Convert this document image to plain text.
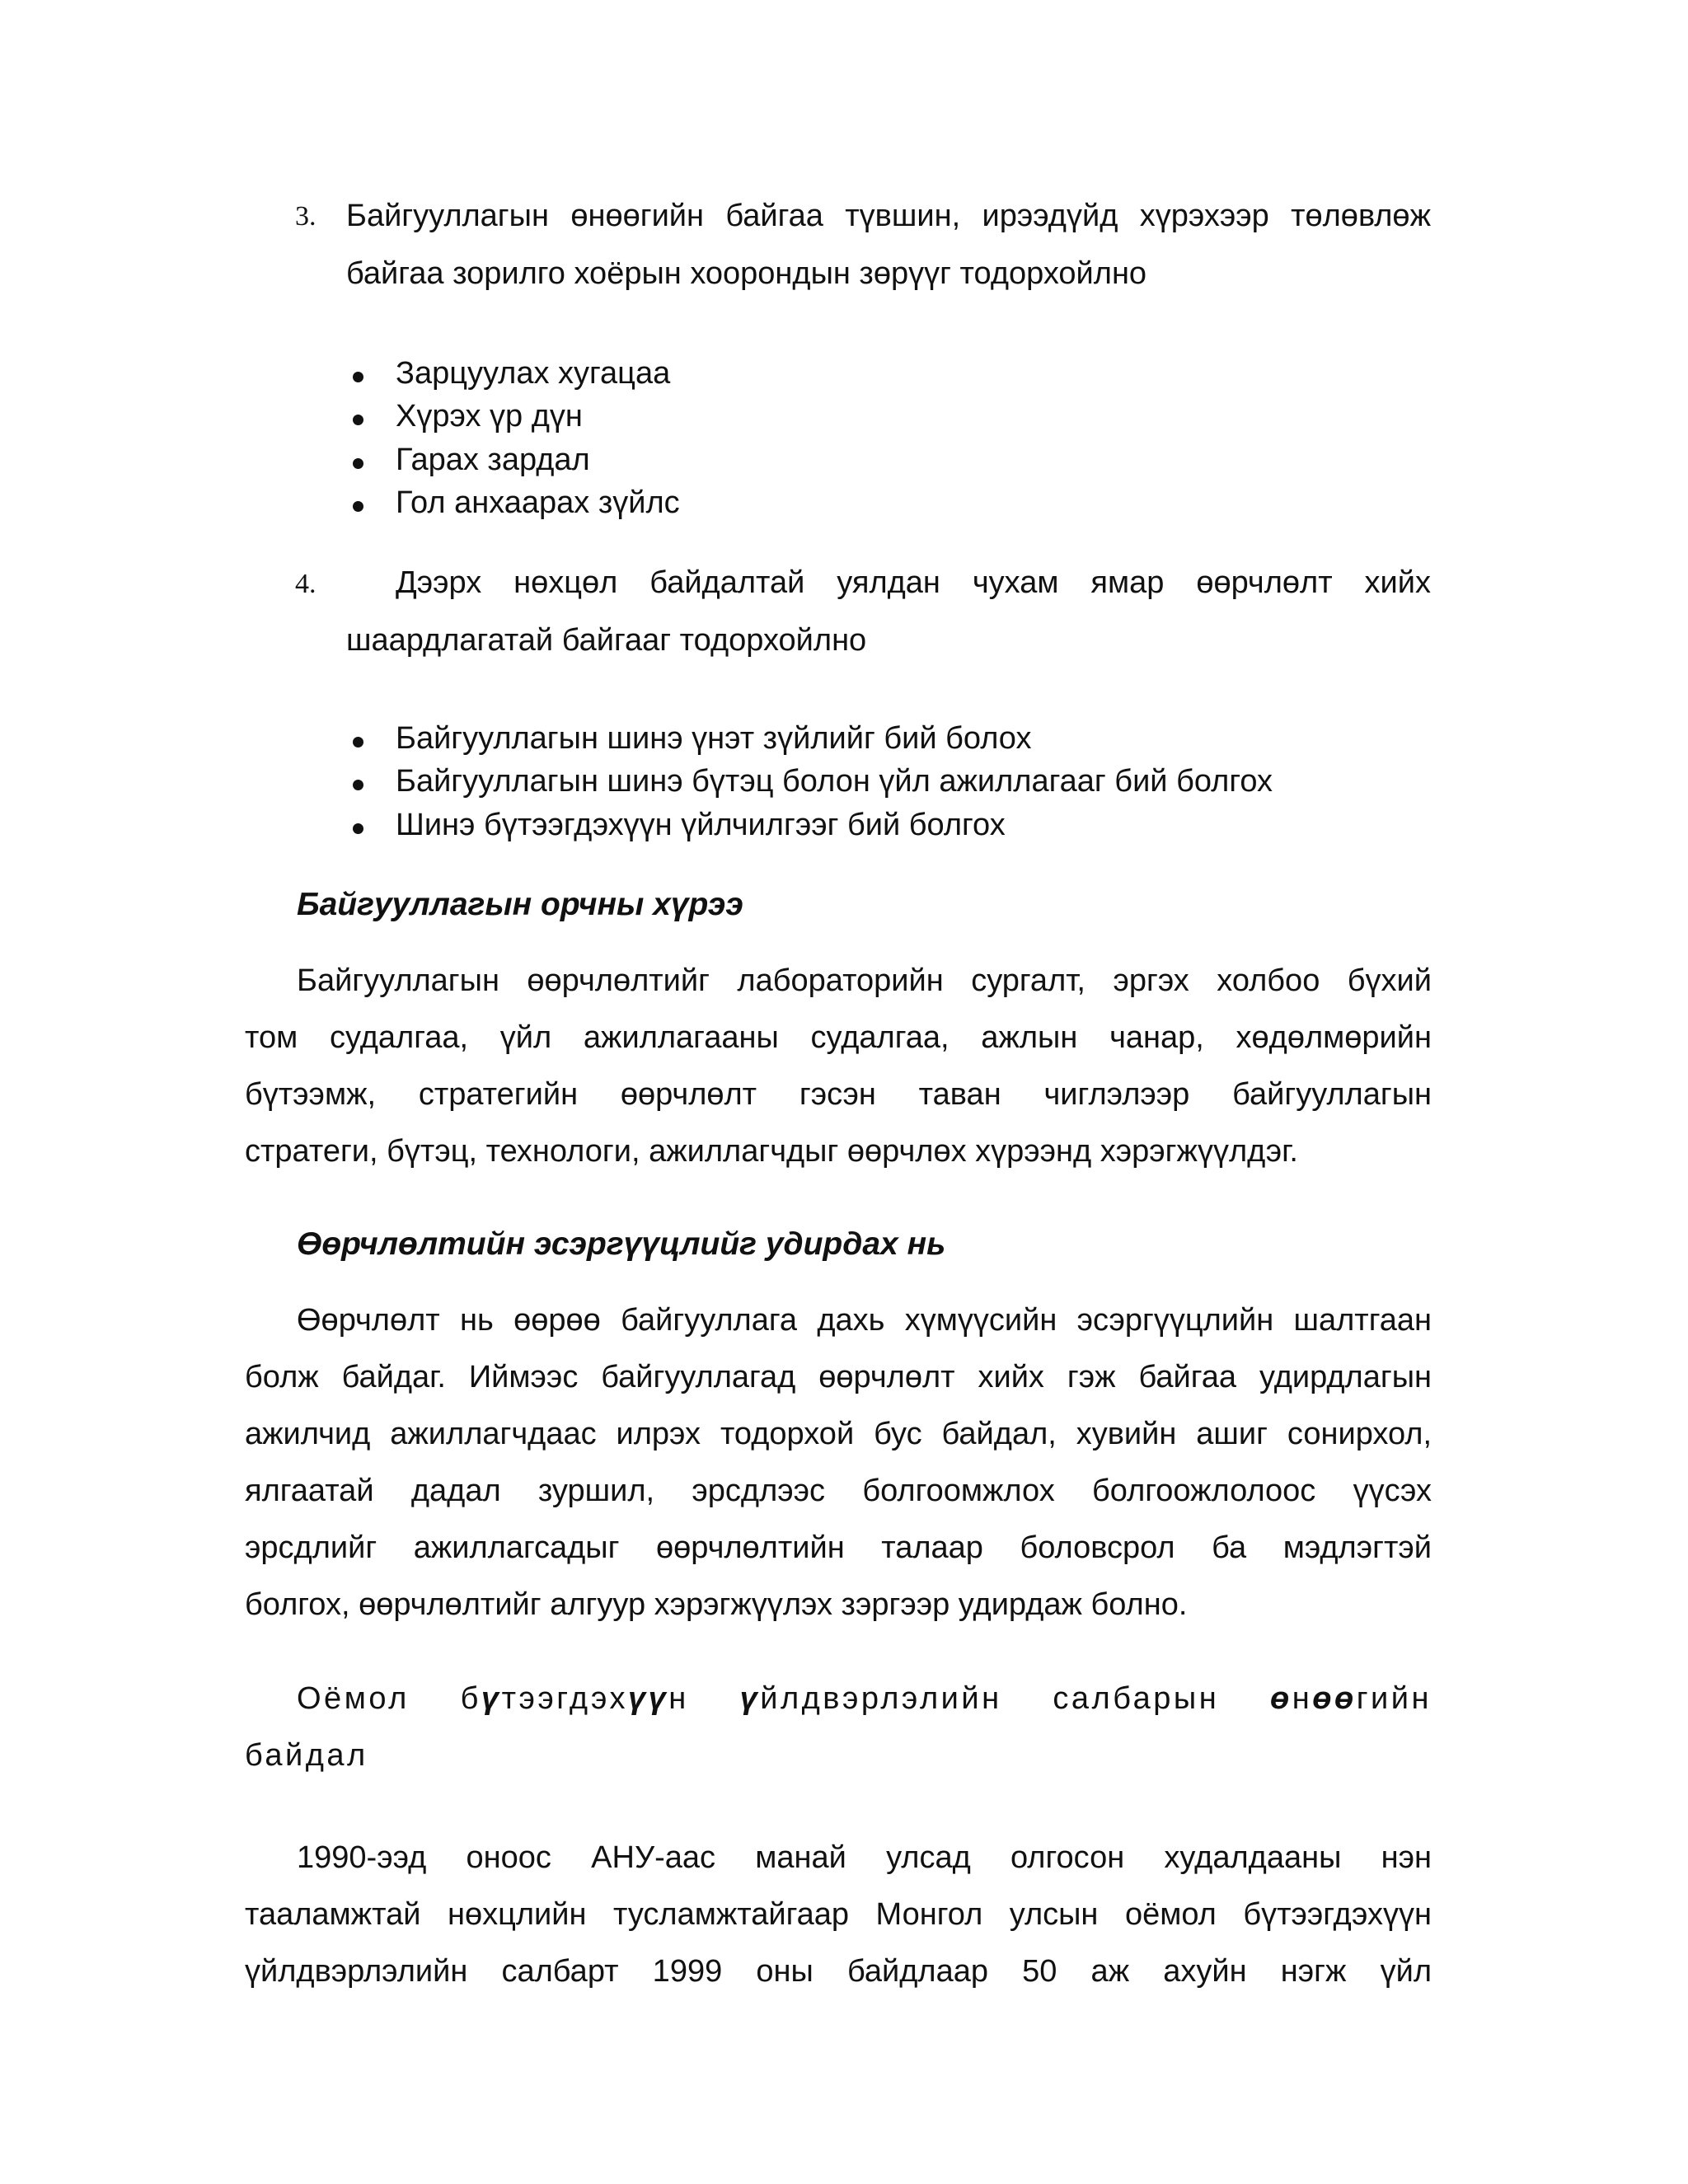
3. Байгууллагын өнөөгийн байгаа түвшин, ирээдүйд хүрэхээр төлөвлөж
байгаа зорилго хоёрын хоорондын зөрүүг тодорхойлно
Зарцуулах хугацаа
Хүрэх үр дүн
Гарах зардал
Гол анхаарах зүйлс
4.	Дээрх нөхцөл байдалтай уялдан чухам ямар өөрчлөлт хийх
шаардлагатай байгааг тодорхойлно
Байгууллагын шинэ үнэт зүйлийг бий болох
Байгууллагын шинэ бүтэц болон үйл ажиллагааг бий болгох
Шинэ бүтээгдэхүүн үйлчилгээг бий болгох
Байгууллагын орчны хүрээ
Байгууллагын өөрчлөлтийг лабораторийн сургалт, эргэх холбоо бүхий
том судалгаа, үйл ажиллагааны судалгаа, ажлын чанар, хөдөлмөрийн
бүтээмж, стратегийн өөрчлөлт гэсэн таван чиглэлээр байгууллагын
стратеги, бүтэц, технологи, ажиллагчдыг өөрчлөх хүрээнд хэрэгжүүлдэг.
Өөрчлөлтийн эсэргүүцлийг удирдах нь
Өөрчлөлт нь өөрөө байгууллага дахь хүмүүсийн эсэргүүцлийн шалтгаан
болж байдаг. Иймээс байгууллагад өөрчлөлт хийх гэж байгаа удирдлагын
ажилчид ажиллагчдаас илрэх тодорхой бус байдал, хувийн ашиг сонирхол,
ялгаатай дадал зуршил, эрсдлээс болгоомжлох болгоожлолоос үүсэх
эрсдлийг ажиллагсадыг өөрчлөлтийн талаар боловсрол ба мэдлэгтэй
болгох, өөрчлөлтийг алгуур хэрэгжүүлэх зэргээр удирдаж болно.
Оёмол бүтээгдэхүүн үйлдвэрлэлийн салбарын өнөөгийн
байдал
1990-ээд оноос АНУ-аас манай улсад олгосон худалдааны нэн
тааламжтай нөхцлийн тусламжтайгаар Монгол улсын оёмол бүтээгдэхүүн
үйлдвэрлэлийн салбарт 1999 оны байдлаар 50 аж ахуйн нэгж үйл
